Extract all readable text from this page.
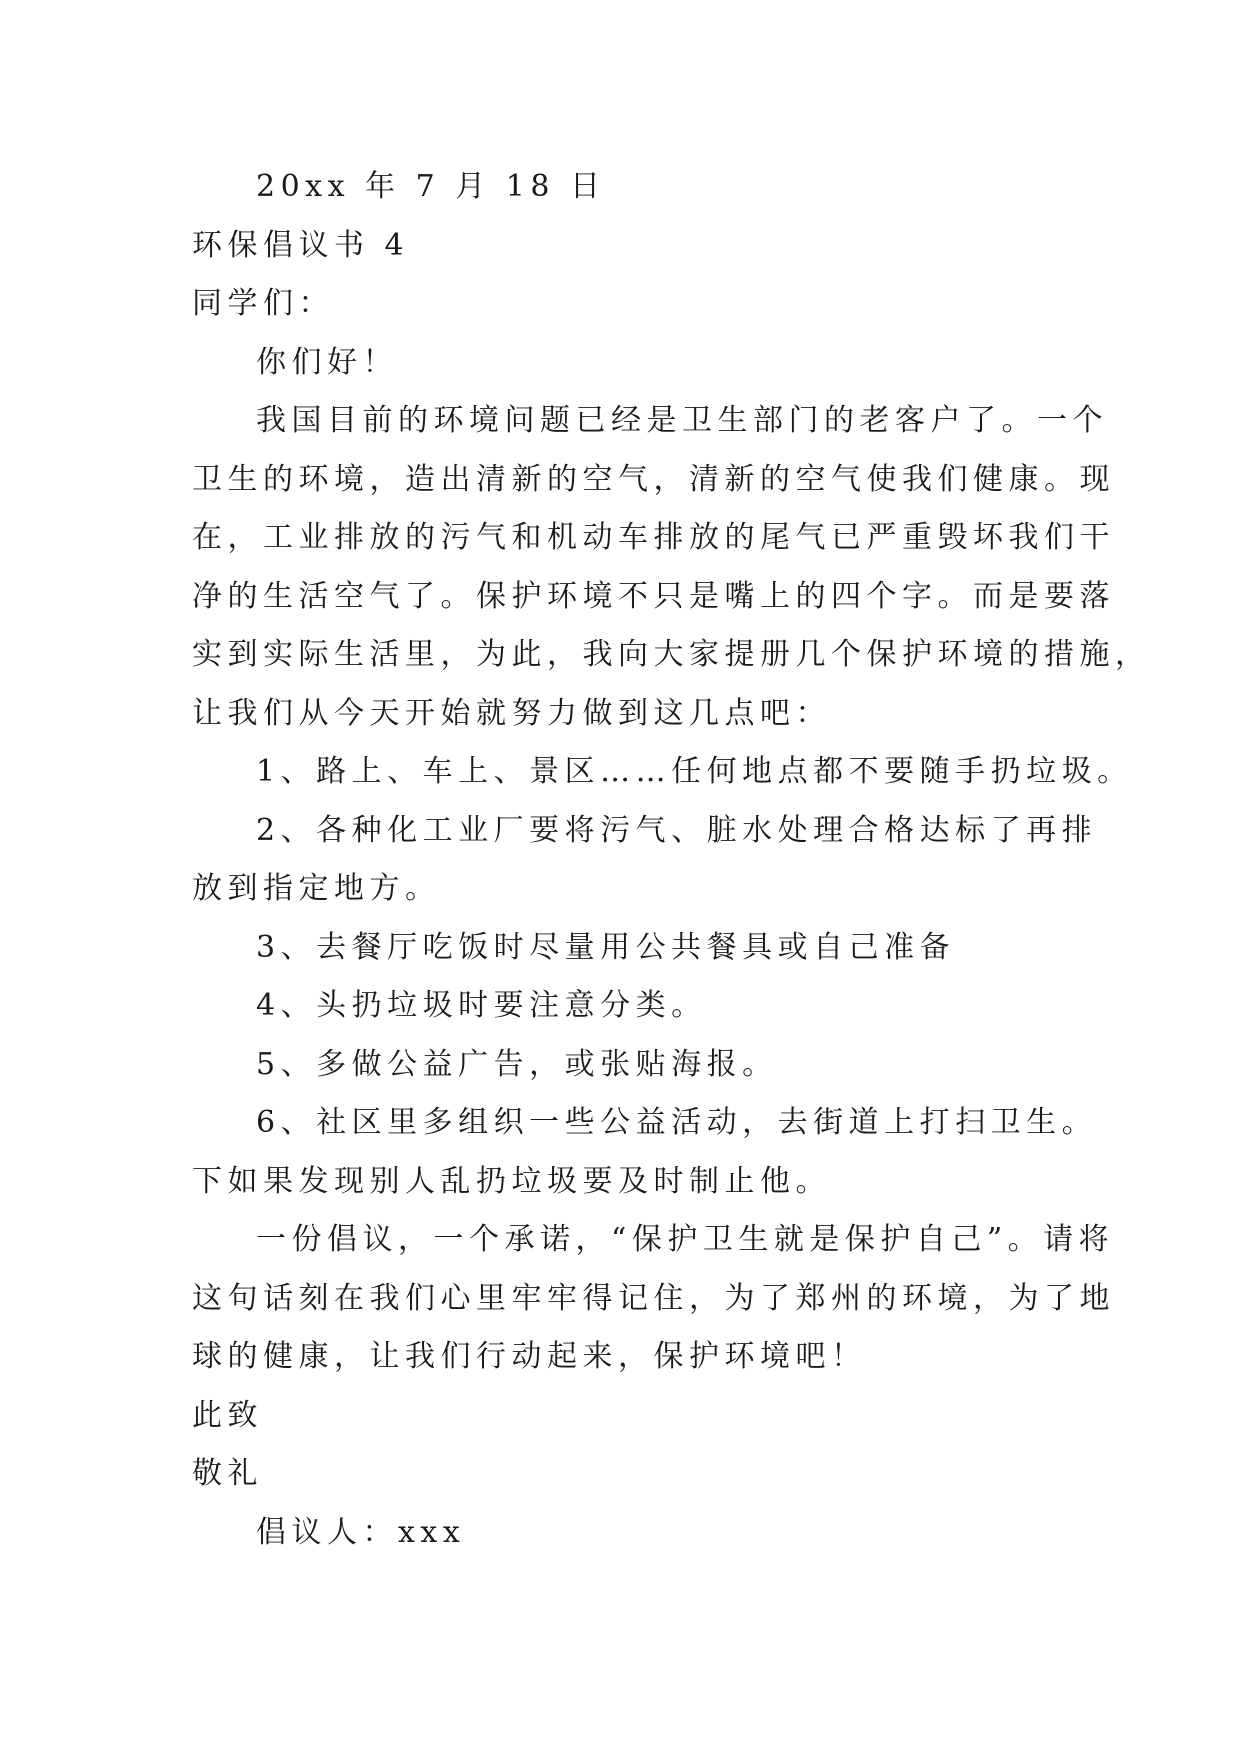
20xx 年 7 月 18 日
环保倡议书 4
同学们：
你们好！
我国目前的环境问题已经是卫生部门的老客户了。一个
卫生的环境，造出清新的空气，清新的空气使我们健康。现
在，工业排放的污气和机动车排放的尾气已严重毁坏我们干
净的生活空气了。保护环境不只是嘴上的四个字。而是要落
实到实际生活里，为此，我向大家提册几个保护环境的措施，
让我们从今天开始就努力做到这几点吧：
1、路上、车上、景区……任何地点都不要随手扔垃圾。
2、各种化工业厂要将污气、脏水处理合格达标了再排
放到指定地方。
3、去餐厅吃饭时尽量用公共餐具或自己准备
4、头扔垃圾时要注意分类。
5、多做公益广告，或张贴海报。
6、社区里多组织一些公益活动，去街道上打扫卫生。
下如果发现别人乱扔垃圾要及时制止他。
一份倡议，一个承诺，“保护卫生就是保护自己”。请将
这句话刻在我们心里牢牢得记住，为了郑州的环境，为了地
球的健康，让我们行动起来，保护环境吧！
此致
敬礼
倡议人：xxx
